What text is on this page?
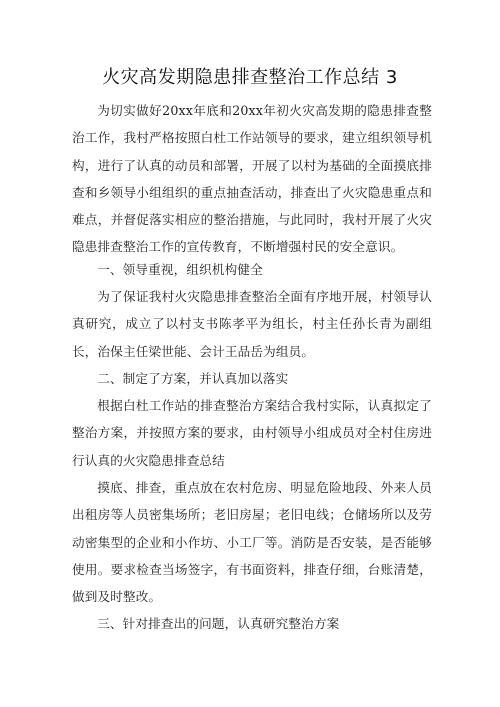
火灾高发期隐患排查整治工作总结 3
为切实做好20xx年底和20xx年初火灾高发期的隐患排查整治工作，我村严格按照白杜工作站领导的要求，建立组织领导机构，进行了认真的动员和部署，开展了以村为基础的全面摸底排查和乡领导小组组织的重点抽查活动，排查出了火灾隐患重点和难点，并督促落实相应的整治措施，与此同时，我村开展了火灾隐患排查整治工作的宣传教育，不断增强村民的安全意识。
一、领导重视，组织机构健全
为了保证我村火灾隐患排查整治全面有序地开展，村领导认真研究，成立了以村支书陈孝平为组长，村主任孙长青为副组长，治保主任梁世能、会计王品岳为组员。
二、制定了方案，并认真加以落实
根据白杜工作站的排查整治方案结合我村实际，认真拟定了整治方案，并按照方案的要求，由村领导小组成员对全村住房进行认真的火灾隐患排查总结
摸底、排查，重点放在农村危房、明显危险地段、外来人员出租房等人员密集场所；老旧房屋；老旧电线；仓储场所以及劳动密集型的企业和小作坊、小工厂等。消防是否安装，是否能够使用。要求检查当场签字，有书面资料，排查仔细，台账清楚，做到及时整改。
三、针对排查出的问题，认真研究整治方案
